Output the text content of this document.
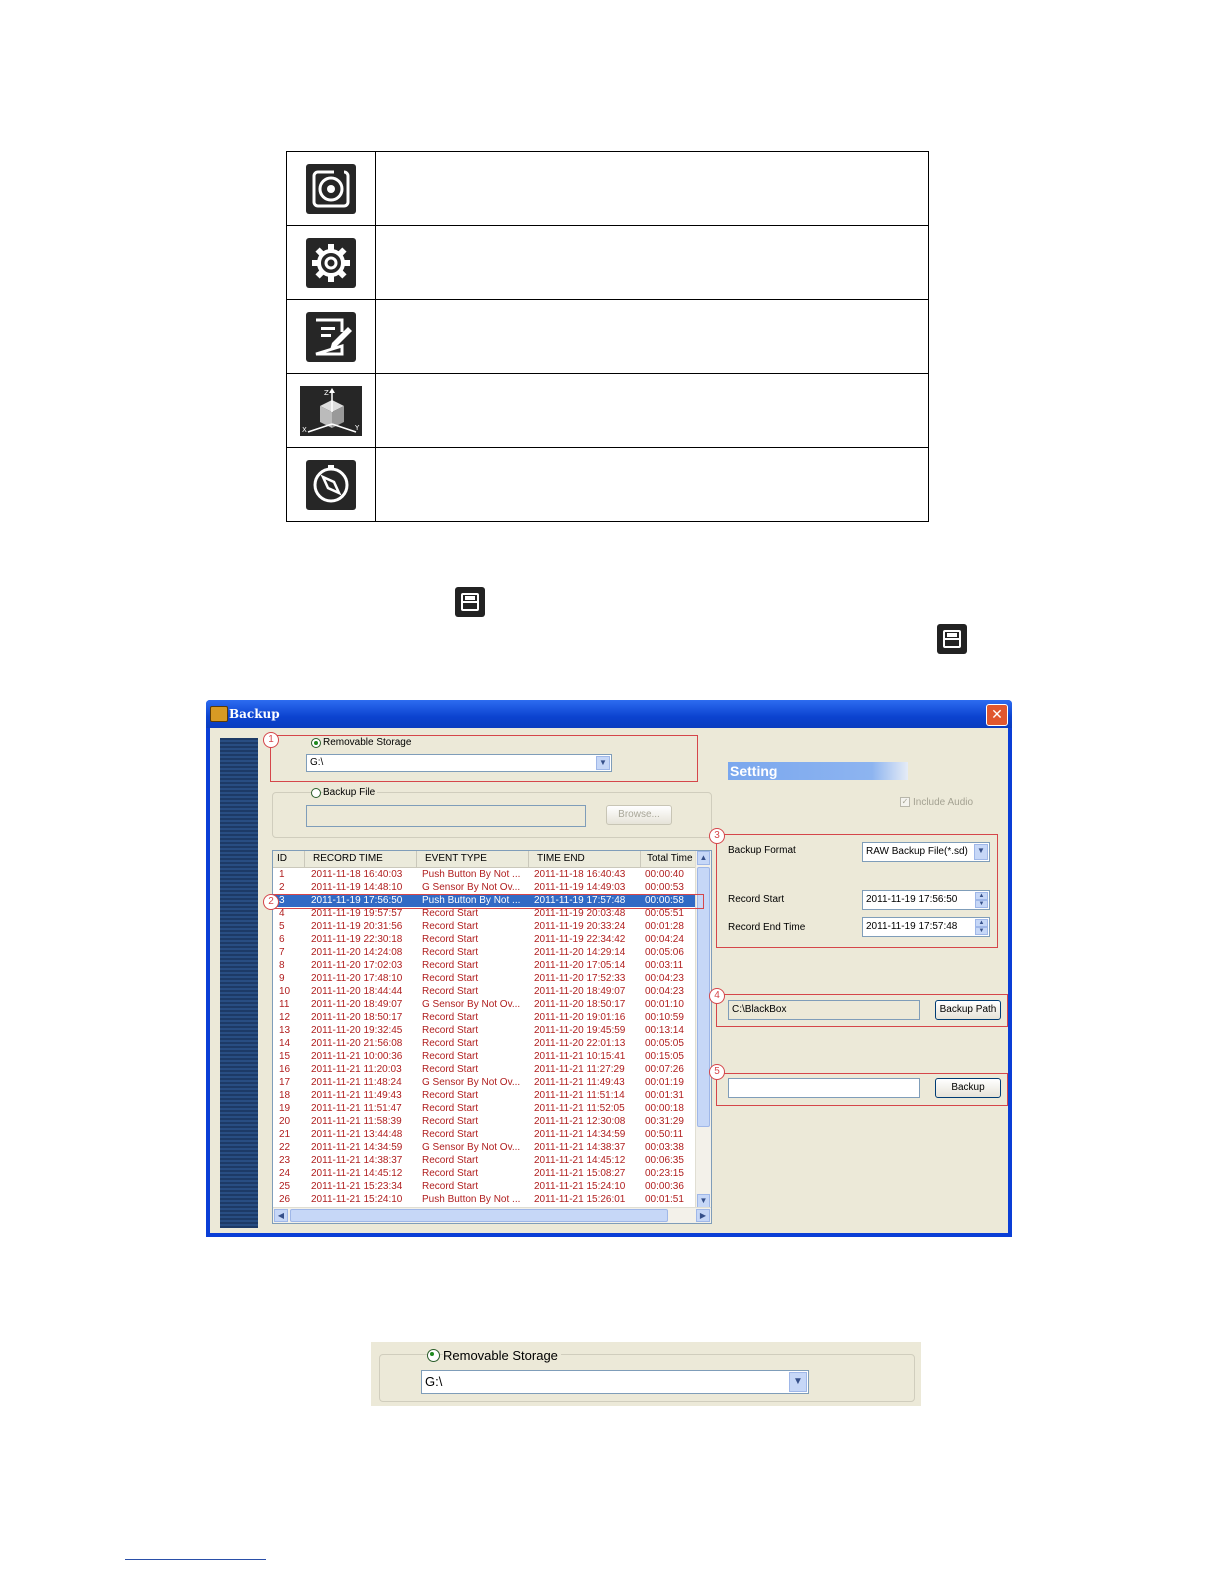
Z
X Y	

Backup	✕
1	Removable Storage
G:\	▼
Backup File
Browse...
ID	RECORD TIME	EVENT TYPE	TIME END	Total Time
1	2011-11-18 16:40:03	Push Button By Not ...	2011-11-18 16:40:43	00:00:40
2	2011-11-19 14:48:10	G Sensor By Not Ov...	2011-11-19 14:49:03	00:00:53
3	2011-11-19 17:56:50	Push Button By Not ...	2011-11-19 17:57:48	00:00:58
4	2011-11-19 19:57:57	Record Start	2011-11-19 20:03:48	00:05:51
5	2011-11-19 20:31:56	Record Start	2011-11-19 20:33:24	00:01:28
6	2011-11-19 22:30:18	Record Start	2011-11-19 22:34:42	00:04:24
7	2011-11-20 14:24:08	Record Start	2011-11-20 14:29:14	00:05:06
8	2011-11-20 17:02:03	Record Start	2011-11-20 17:05:14	00:03:11
9	2011-11-20 17:48:10	Record Start	2011-11-20 17:52:33	00:04:23
10	2011-11-20 18:44:44	Record Start	2011-11-20 18:49:07	00:04:23
11	2011-11-20 18:49:07	G Sensor By Not Ov...	2011-11-20 18:50:17	00:01:10
12	2011-11-20 18:50:17	Record Start	2011-11-20 19:01:16	00:10:59
13	2011-11-20 19:32:45	Record Start	2011-11-20 19:45:59	00:13:14
14	2011-11-20 21:56:08	Record Start	2011-11-20 22:01:13	00:05:05
15	2011-11-21 10:00:36	Record Start	2011-11-21 10:15:41	00:15:05
16	2011-11-21 11:20:03	Record Start	2011-11-21 11:27:29	00:07:26
17	2011-11-21 11:48:24	G Sensor By Not Ov...	2011-11-21 11:49:43	00:01:19
18	2011-11-21 11:49:43	Record Start	2011-11-21 11:51:14	00:01:31
19	2011-11-21 11:51:47	Record Start	2011-11-21 11:52:05	00:00:18
20	2011-11-21 11:58:39	Record Start	2011-11-21 12:30:08	00:31:29
21	2011-11-21 13:44:48	Record Start	2011-11-21 14:34:59	00:50:11
22	2011-11-21 14:34:59	G Sensor By Not Ov...	2011-11-21 14:38:37	00:03:38
23	2011-11-21 14:38:37	Record Start	2011-11-21 14:45:12	00:06:35
24	2011-11-21 14:45:12	Record Start	2011-11-21 15:08:27	00:23:15
25	2011-11-21 15:23:34	Record Start	2011-11-21 15:24:10	00:00:36
26	2011-11-21 15:24:10	Push Button By Not ...	2011-11-21 15:26:01	00:01:51
▲
▼
◀	▶
2
Setting
✓ Include Audio
3
Backup Format	RAW Backup File(*.sd)	▼
Record Start	2011-11-19 17:56:50	▲
▼
Record End Time	2011-11-19 17:57:48	▲
▼
4
C:\BlackBox	Backup Path
5
Backup
Removable Storage
G:\	▼
